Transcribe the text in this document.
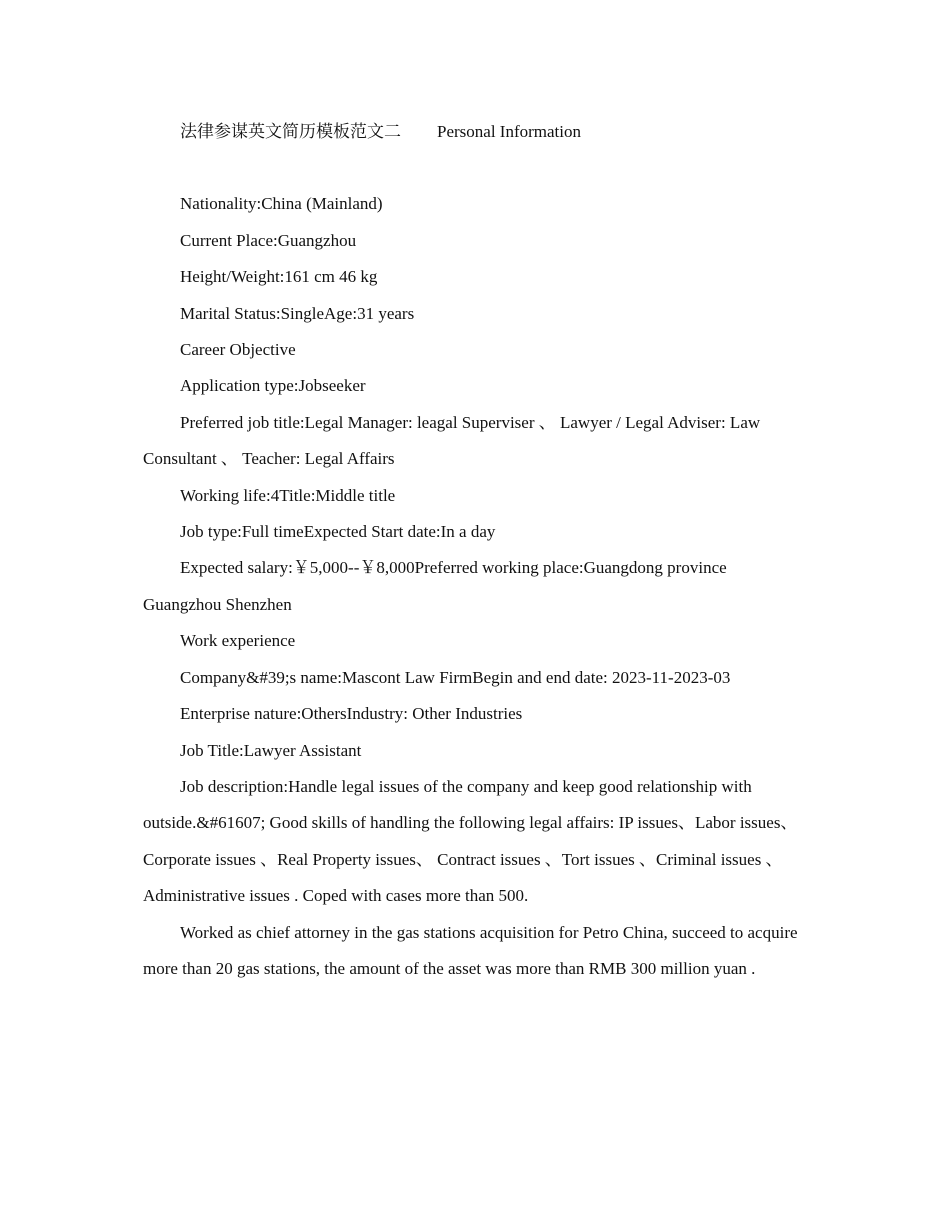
法律参谋英文简历模板范文二 Personal Information

Nationality:China (Mainland)

Current Place:Guangzhou

Height/Weight:161 cm 46 kg

Marital Status:SingleAge:31 years

Career Objective

Application type:Jobseeker

Preferred job title:Legal Manager: leagal Superviser 、 Lawyer / Legal Adviser: Law Consultant 、 Teacher: Legal Affairs

Working life:4Title:Middle title

Job type:Full timeExpected Start date:In a day

Expected salary:￥5,000--￥8,000Preferred working place:Guangdong province Guangzhou Shenzhen

Work experience

Company&#39;s name:Mascont Law FirmBegin and end date: 2023-11-2023-03

Enterprise nature:OthersIndustry: Other Industries

Job Title:Lawyer Assistant

Job description:Handle legal issues of the company and keep good relationship with outside.&#61607; Good skills of handling the following legal affairs: IP issues、Labor issues、Corporate issues 、Real Property issues、 Contract issues 、Tort issues 、Criminal issues 、Administrative issues . Coped with cases more than 500.

Worked as chief attorney in the gas stations acquisition for Petro China, succeed to acquire more than 20 gas stations, the amount of the asset was more than RMB 300 million yuan .
